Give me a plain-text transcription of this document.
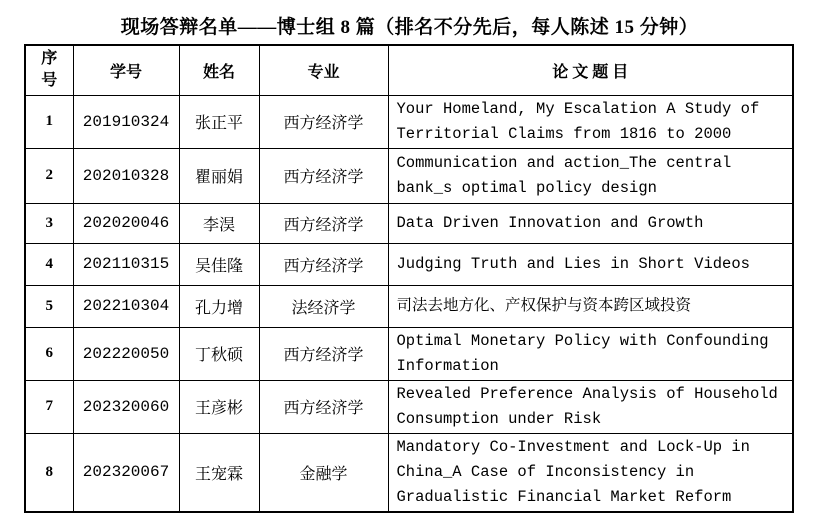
现场答辩名单——博士组 8 篇（排名不分先后，每人陈述 15 分钟）
序号	学号	姓名	专业	论 文 题 目
1	201910324	张正平	西方经济学	Your Homeland, My Escalation A Study of Territorial Claims from 1816 to 2000
2	202010328	瞿丽娟	西方经济学	Communication and action_The central bank_s optimal policy design
3	202020046	李淏	西方经济学	Data Driven Innovation and Growth
4	202110315	吴佳隆	西方经济学	Judging Truth and Lies in Short Videos
5	202210304	孔力增	法经济学	司法去地方化、产权保护与资本跨区域投资
6	202220050	丁秋硕	西方经济学	Optimal Monetary Policy with Confounding Information
7	202320060	王彦彬	西方经济学	Revealed Preference Analysis of Household Consumption under Risk
8	202320067	王宠霖	金融学	Mandatory Co-Investment and Lock-Up in China_A Case of Inconsistency in Gradualistic Financial Market Reform
